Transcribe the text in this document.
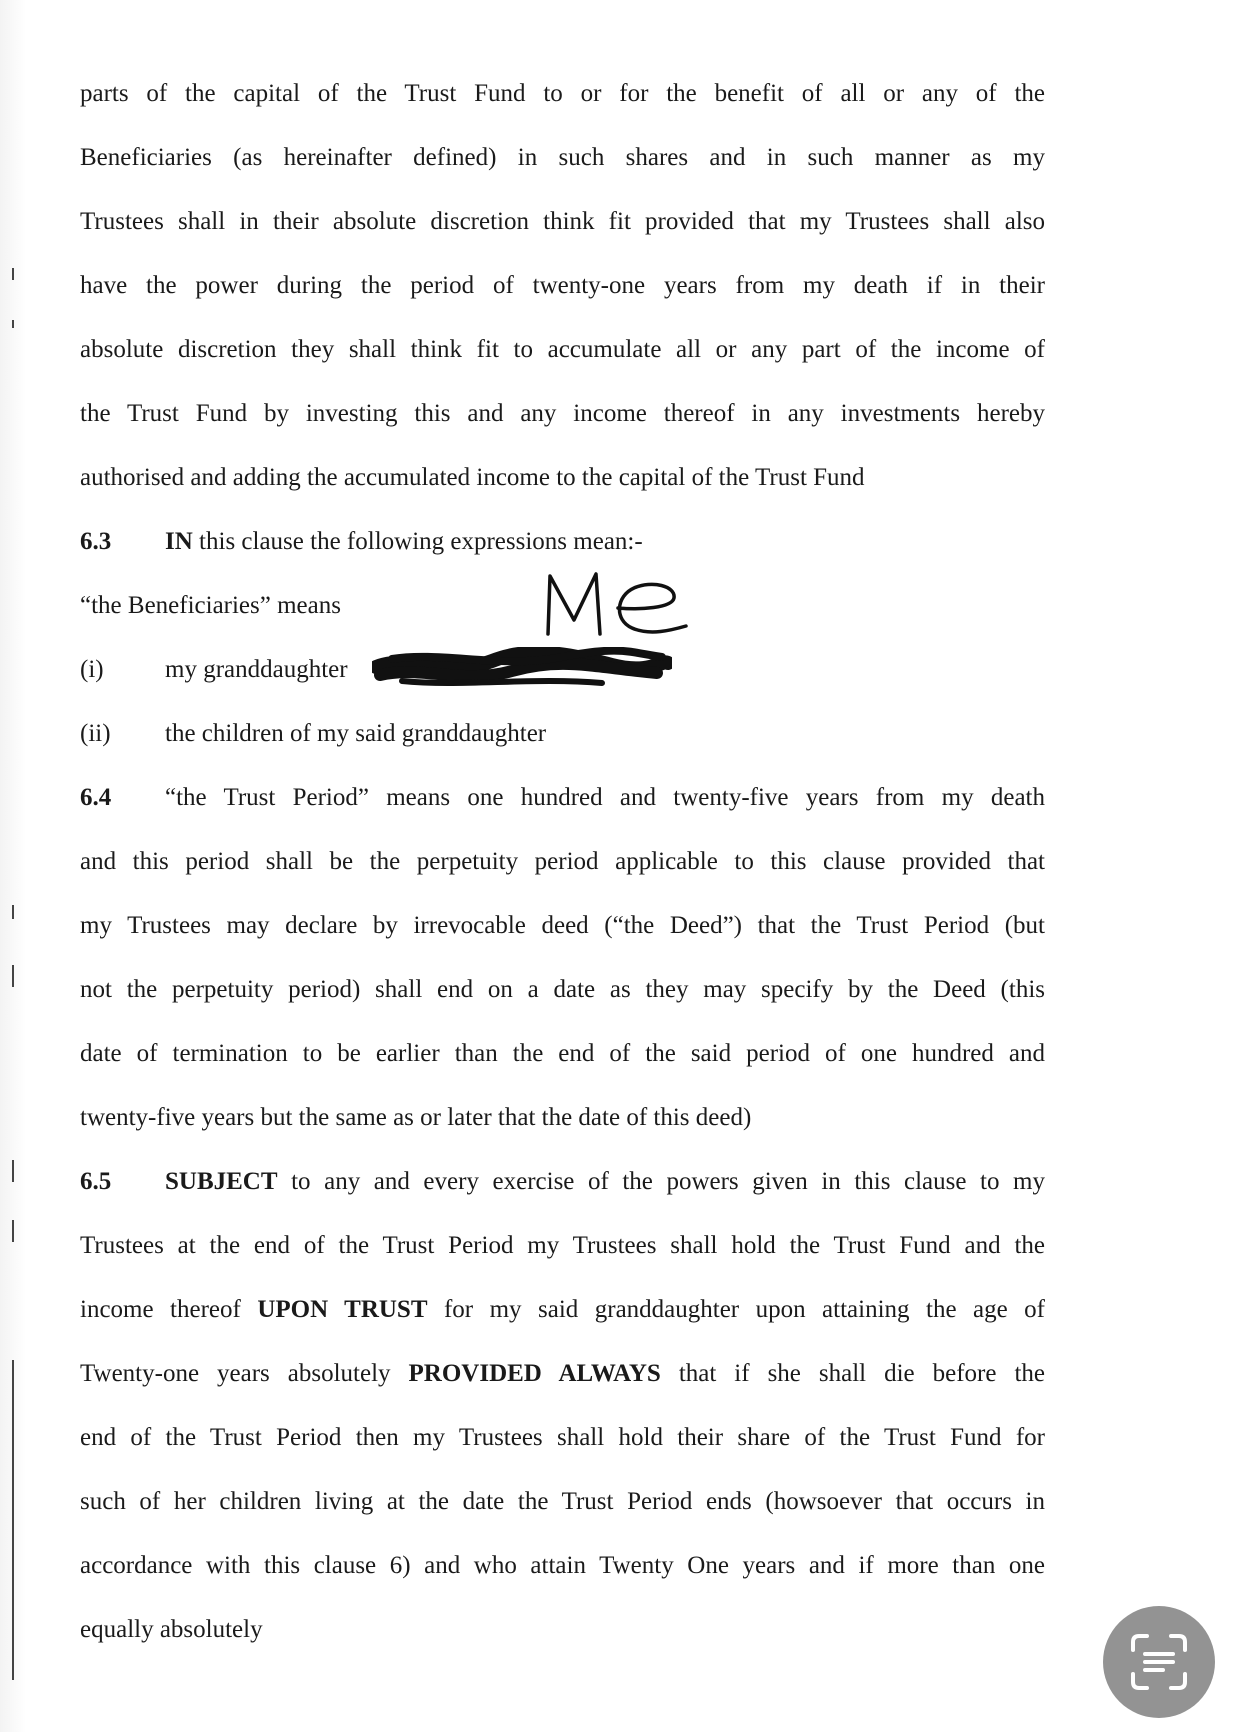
parts of the capital of the Trust Fund to or for the benefit of all or any of the
Beneficiaries (as hereinafter defined) in such shares and in such manner as my
Trustees shall in their absolute discretion think fit provided that my Trustees shall also
have the power during the period of twenty-one years from my death if in their
absolute discretion they shall think fit to accumulate all or any part of the income of
the Trust Fund by investing this and any income thereof in any investments hereby
authorised and adding the accumulated income to the capital of the Trust Fund
6.3 IN this clause the following expressions mean:-
“the Beneficiaries” means
(i) my granddaughter
(ii) the children of my said granddaughter
6.4 “the Trust Period” means one hundred and twenty-five years from my death
and this period shall be the perpetuity period applicable to this clause provided that
my Trustees may declare by irrevocable deed (“the Deed”) that the Trust Period (but
not the perpetuity period) shall end on a date as they may specify by the Deed (this
date of termination to be earlier than the end of the said period of one hundred and
twenty-five years but the same as or later that the date of this deed)
6.5 SUBJECT to any and every exercise of the powers given in this clause to my
Trustees at the end of the Trust Period my Trustees shall hold the Trust Fund and the
income thereof UPON TRUST for my said granddaughter upon attaining the age of
Twenty-one years absolutely PROVIDED ALWAYS that if she shall die before the
end of the Trust Period then my Trustees shall hold their share of the Trust Fund for
such of her children living at the date the Trust Period ends (howsoever that occurs in
accordance with this clause 6) and who attain Twenty One years and if more than one
equally absolutely
